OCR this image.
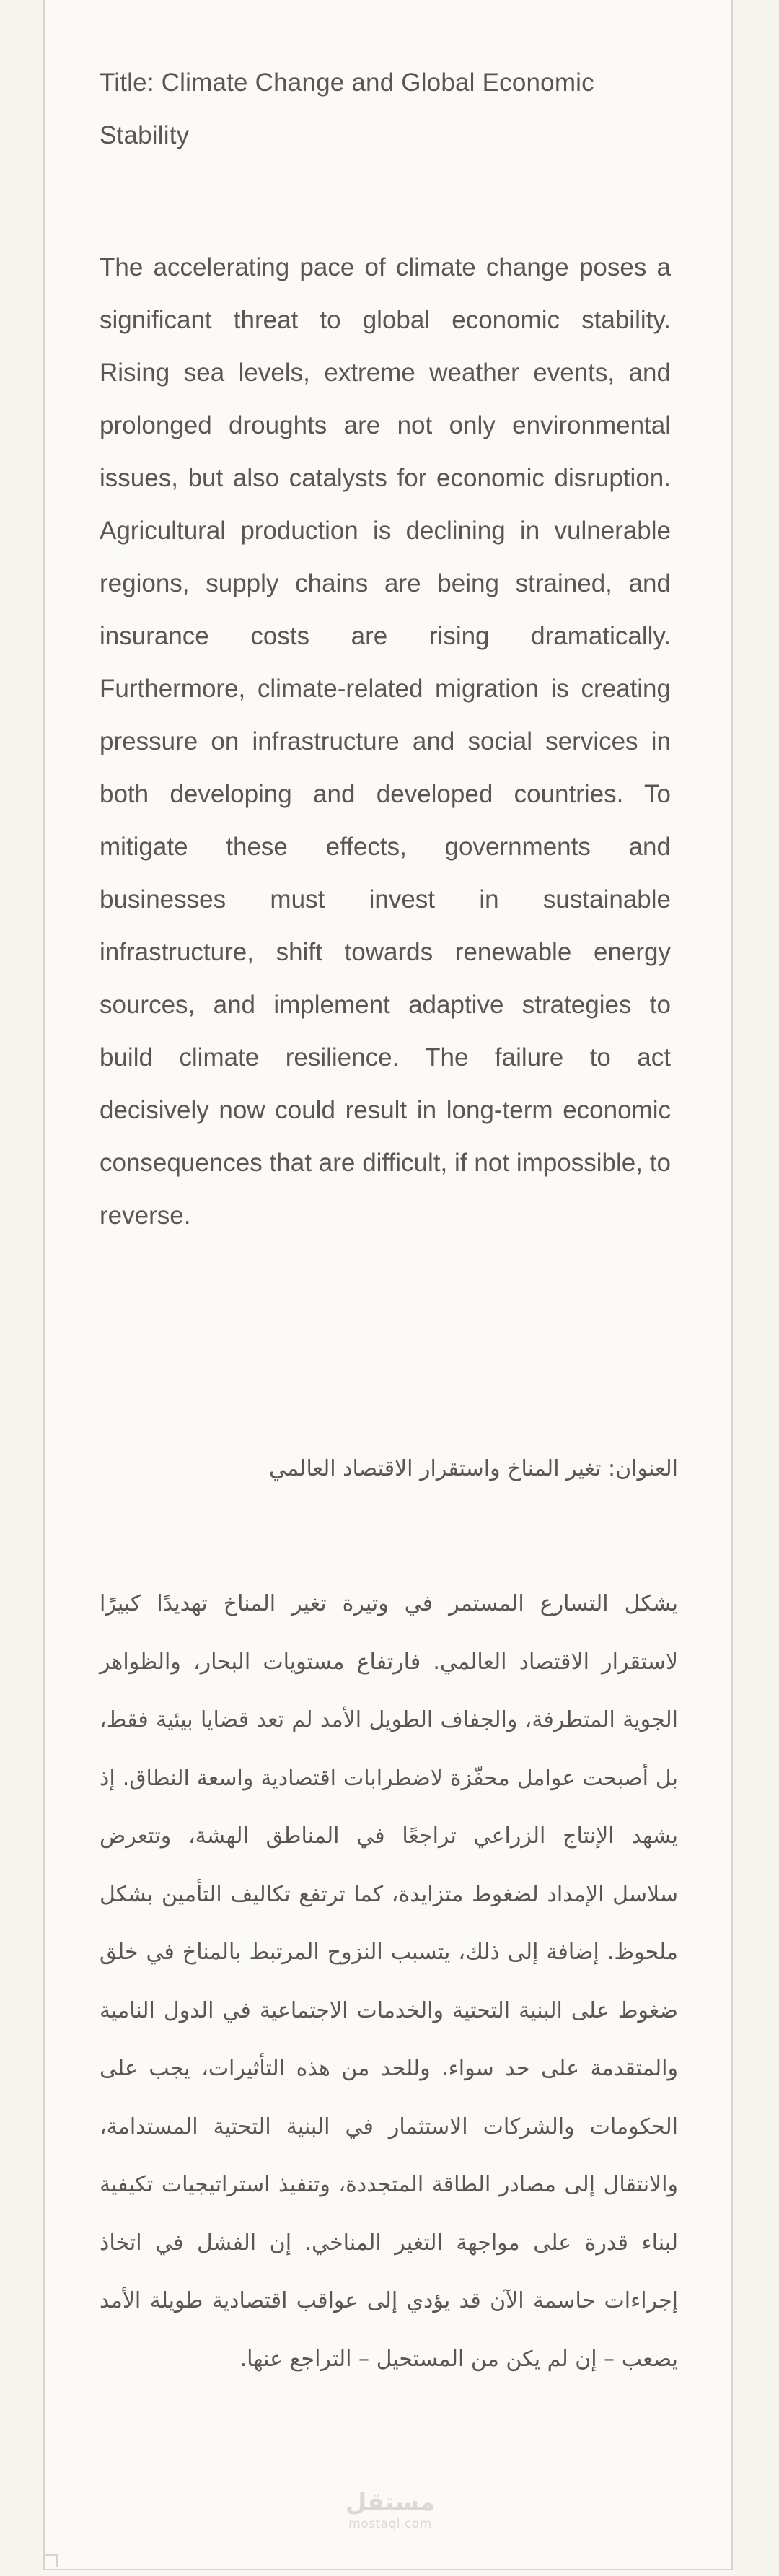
Title: Climate Change and Global Economic Stability
The accelerating pace of climate change poses a significant threat to global economic stability. Rising sea levels, extreme weather events, and prolonged droughts are not only environmental issues, but also catalysts for economic disruption. Agricultural production is declining in vulnerable regions, supply chains are being strained, and insurance costs are rising dramatically. Furthermore, climate-related migration is creating pressure on infrastructure and social services in both developing and developed countries. To mitigate these effects, governments and businesses must invest in sustainable infrastructure, shift towards renewable energy sources, and implement adaptive strategies to build climate resilience. The failure to act decisively now could result in long-term economic consequences that are difficult, if not impossible, to reverse.
العنوان: تغير المناخ واستقرار الاقتصاد العالمي
يشكل التسارع المستمر في وتيرة تغير المناخ تهديدًا كبيرًا لاستقرار الاقتصاد العالمي. فارتفاع مستويات البحار، والظواهر الجوية المتطرفة، والجفاف الطويل الأمد لم تعد قضايا بيئية فقط، بل أصبحت عوامل محفّزة لاضطرابات اقتصادية واسعة النطاق. إذ يشهد الإنتاج الزراعي تراجعًا في المناطق الهشة، وتتعرض سلاسل الإمداد لضغوط متزايدة، كما ترتفع تكاليف التأمين بشكل ملحوظ. إضافة إلى ذلك، يتسبب النزوح المرتبط بالمناخ في خلق ضغوط على البنية التحتية والخدمات الاجتماعية في الدول النامية والمتقدمة على حد سواء. وللحد من هذه التأثيرات، يجب على الحكومات والشركات الاستثمار في البنية التحتية المستدامة، والانتقال إلى مصادر الطاقة المتجددة، وتنفيذ استراتيجيات تكيفية لبناء قدرة على مواجهة التغير المناخي. إن الفشل في اتخاذ إجراءات حاسمة الآن قد يؤدي إلى عواقب اقتصادية طويلة الأمد يصعب – إن لم يكن من المستحيل – التراجع عنها.
مستقل
mostaql.com
